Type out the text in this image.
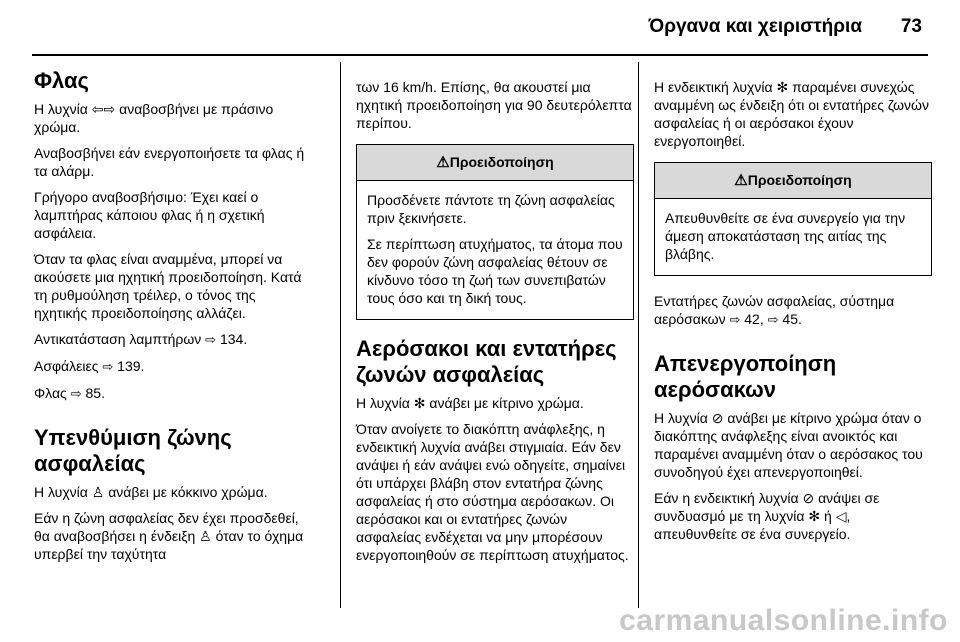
Όργανα και χειριστήρια 73
Φλας

Η λυχνία ⇦⇨ αναβοσβήνει με πράσινο χρώμα.

Αναβοσβήνει εάν ενεργοποιήσετε τα φλας ή τα αλάρμ.

Γρήγορο αναβοσβήσιμο: Έχει καεί ο λαμπτήρας κάποιου φλας ή η σχετική ασφάλεια.

Όταν τα φλας είναι αναμμένα, μπορεί να ακούσετε μια ηχητική προειδοποίηση. Κατά τη ρυθμούληση τρέιλερ, ο τόνος της ηχητικής προειδοποίησης αλλάζει.

Αντικατάσταση λαμπτήρων ⇨ 134.

Ασφάλειες ⇨ 139.

Φλας ⇨ 85.

Υπενθύμιση ζώνης ασφαλείας

Η λυχνία ♙ ανάβει με κόκκινο χρώμα.

Εάν η ζώνη ασφαλείας δεν έχει προσδεθεί, θα αναβοσβήσει η ένδειξη ♙ όταν το όχημα υπερβεί την ταχύτητα

των 16 km/h. Επίσης, θα ακουστεί μια ηχητική προειδοποίηση για 90 δευτερόλεπτα περίπου.

⚠Προειδοποίηση

Προσδένετε πάντοτε τη ζώνη ασφαλείας πριν ξεκινήσετε.

Σε περίπτωση ατυχήματος, τα άτομα που δεν φορούν ζώνη ασφαλείας θέτουν σε κίνδυνο τόσο τη ζωή των συνεπιβατών τους όσο και τη δική τους.

Αερόσακοι και εντατήρες ζωνών ασφαλείας

Η λυχνία ✻ ανάβει με κίτρινο χρώμα.

Όταν ανοίγετε το διακόπτη ανάφλεξης, η ενδεικτική λυχνία ανάβει στιγμιαία. Εάν δεν ανάψει ή εάν ανάψει ενώ οδηγείτε, σημαίνει ότι υπάρχει βλάβη στον εντατήρα ζώνης ασφαλείας ή στο σύστημα αερόσακων. Οι αερόσακοι και οι εντατήρες ζωνών ασφαλείας ενδέχεται να μην μπορέσουν ενεργοποιηθούν σε περίπτωση ατυχήματος.

Η ενδεικτική λυχνία ✻ παραμένει συνεχώς αναμμένη ως ένδειξη ότι οι εντατήρες ζωνών ασφαλείας ή οι αερόσακοι έχουν ενεργοποιηθεί.

⚠Προειδοποίηση

Απευθυνθείτε σε ένα συνεργείο για την άμεση αποκατάσταση της αιτίας της βλάβης.

Εντατήρες ζωνών ασφαλείας, σύστημα αερόσακων ⇨ 42, ⇨ 45.

Απενεργοποίηση αερόσακων

Η λυχνία ⊘ ανάβει με κίτρινο χρώμα όταν ο διακόπτης ανάφλεξης είναι ανοικτός και παραμένει αναμμένη όταν ο αερόσακος του συνοδηγού έχει απενεργοποιηθεί.

Εάν η ενδεικτική λυχνία ⊘ ανάψει σε συνδυασμό με τη λυχνία ✻ ή ◁, απευθυνθείτε σε ένα συνεργείο.

carmanualsonline.info
